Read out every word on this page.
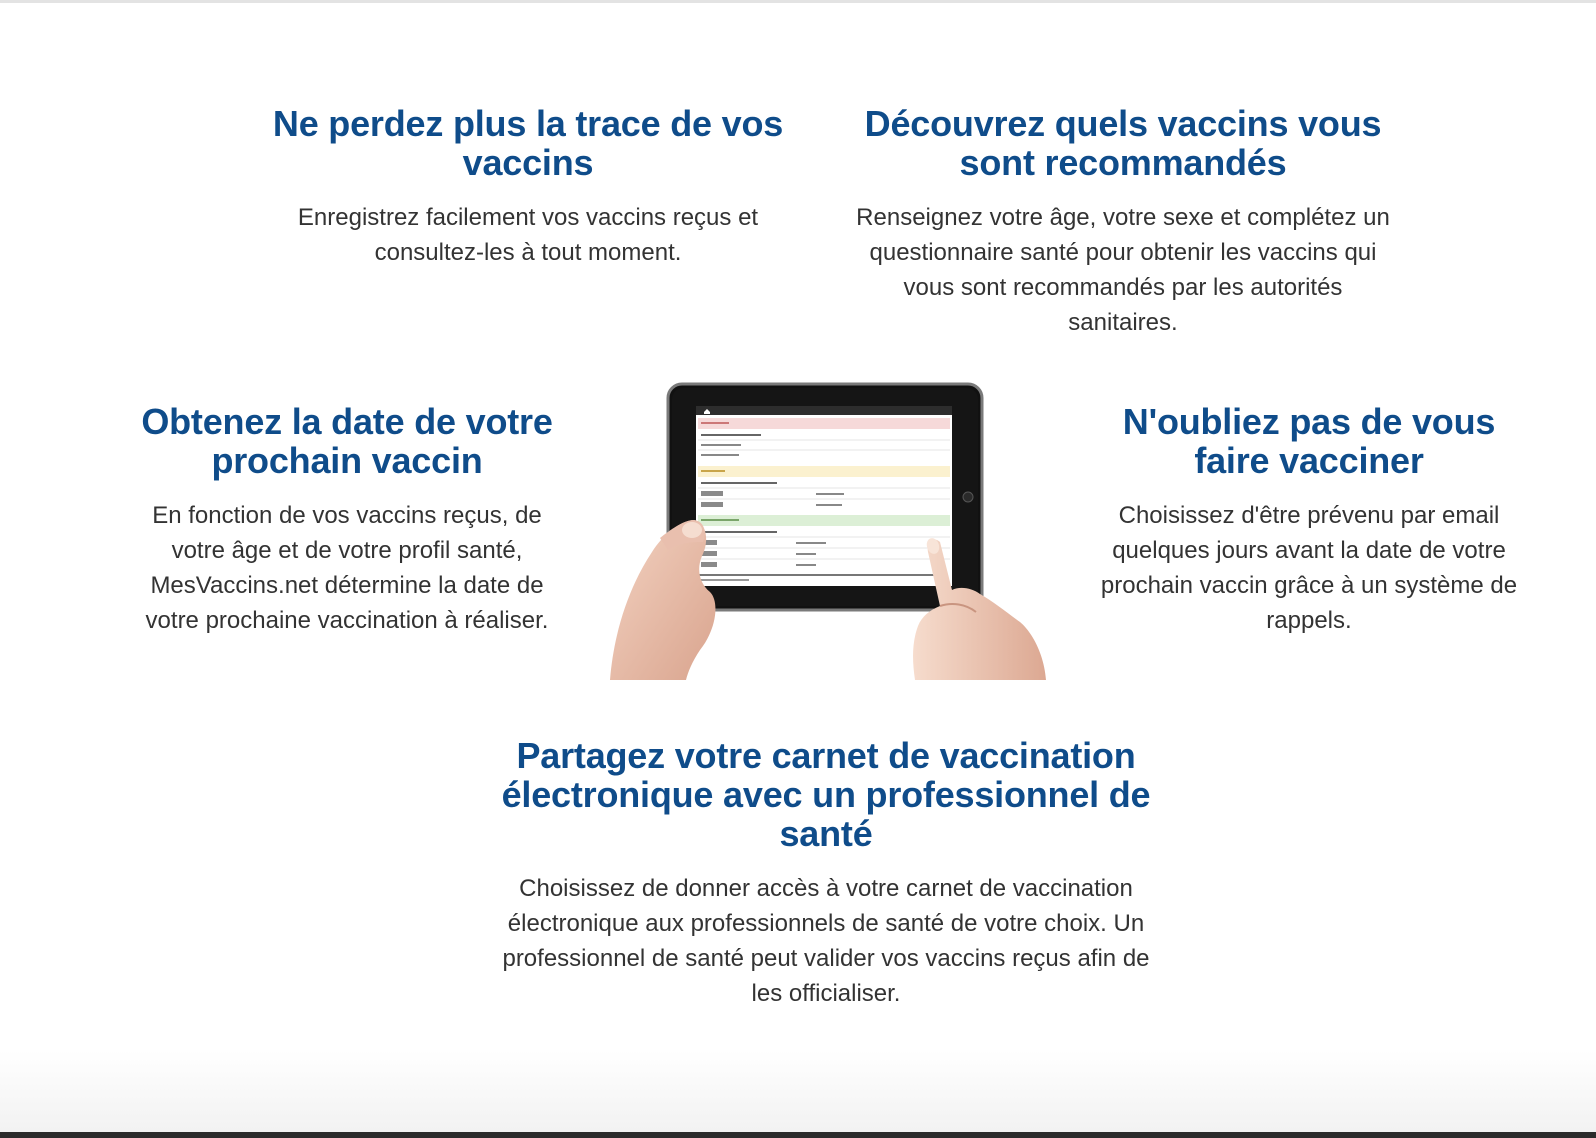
Ne perdez plus la trace de vos vaccins

Enregistrez facilement vos vaccins reçus et consultez-les à tout moment.

Découvrez quels vaccins vous sont recommandés

Renseignez votre âge, votre sexe et complétez un questionnaire santé pour obtenir les vaccins qui vous sont recommandés par les autorités sanitaires.

Obtenez la date de votre prochain vaccin

En fonction de vos vaccins reçus, de votre âge et de votre profil santé, MesVaccins.net détermine la date de votre prochaine vaccination à réaliser.

N'oubliez pas de vous faire vacciner

Choisissez d'être prévenu par email quelques jours avant la date de votre prochain vaccin grâce à un système de rappels.

Partagez votre carnet de vaccination électronique avec un professionnel de santé

Choisissez de donner accès à votre carnet de vaccination électronique aux professionnels de santé de votre choix. Un professionnel de santé peut valider vos vaccins reçus afin de les officialiser.
